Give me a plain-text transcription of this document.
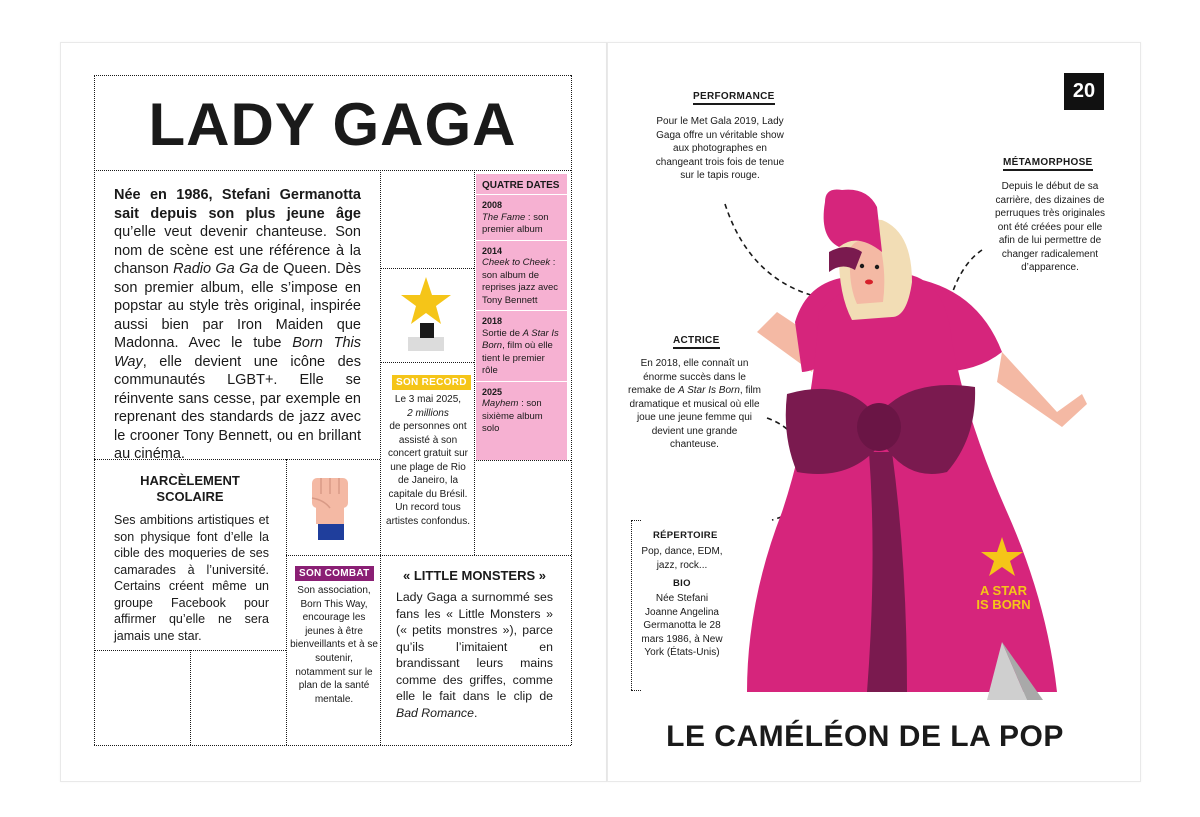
LADY GAGA

Née en 1986, Stefani Germanotta sait depuis son plus jeune âge qu’elle veut devenir chanteuse. Son nom de scène est une référence à la chanson Radio Ga Ga de Queen. Dès son premier album, elle s’impose en popstar au style très original, inspirée aussi bien par Iron Maiden que Madonna. Avec le tube Born This Way, elle devient une icône des communautés LGBT+. Elle se réinvente sans cesse, par exemple en reprenant des standards de jazz avec le crooner Tony Bennett, ou en brillant au cinéma.

SON RECORD

Le 3 mai 2025,
2 millions
de personnes ont assisté à son concert gratuit sur une plage de Rio de Janeiro, la capitale du Brésil. Un record tous artistes confondus.

QUATRE DATES
2008
The Fame : son premier album
2014
Cheek to Cheek : son album de reprises jazz avec Tony Bennett
2018
Sortie de A Star Is Born, film où elle tient le premier rôle
2025
Mayhem : son sixième album solo
HARCÈLEMENT SCOLAIRE

Ses ambitions artistiques et son physique font d’elle la cible des moqueries de ses camarades à l’université. Certains créent même un groupe Facebook pour affirmer qu’elle ne sera jamais une star.

SON COMBAT

Son association, Born This Way, encourage les jeunes à être bienveillants et à se soutenir, notamment sur le plan de la santé mentale.

« LITTLE MONSTERS »

Lady Gaga a surnommé ses fans les « Little Monsters » (« petits monstres »), parce qu’ils l’imitaient en brandissant leurs mains comme des griffes, comme elle le fait dans le clip de Bad Romance.

20
PERFORMANCE

Pour le Met Gala 2019, Lady Gaga offre un véritable show aux photographes en changeant trois fois de tenue sur le tapis rouge.

MÉTAMORPHOSE

Depuis le début de sa carrière, des dizaines de perruques très originales ont été créées pour elle afin de lui permettre de changer radicalement d’apparence.

ACTRICE

En 2018, elle connaît un énorme succès dans le remake de A Star Is Born, film dramatique et musical où elle joue une jeune femme qui devient une grande chanteuse.

RÉPERTOIRE

Pop, dance, EDM, jazz, rock...

BIO

Née Stefani Joanne Angelina Germanotta le 28 mars 1986, à New York (États-Unis)

A STAR
IS BORN
LE CAMÉLÉON DE LA POP
